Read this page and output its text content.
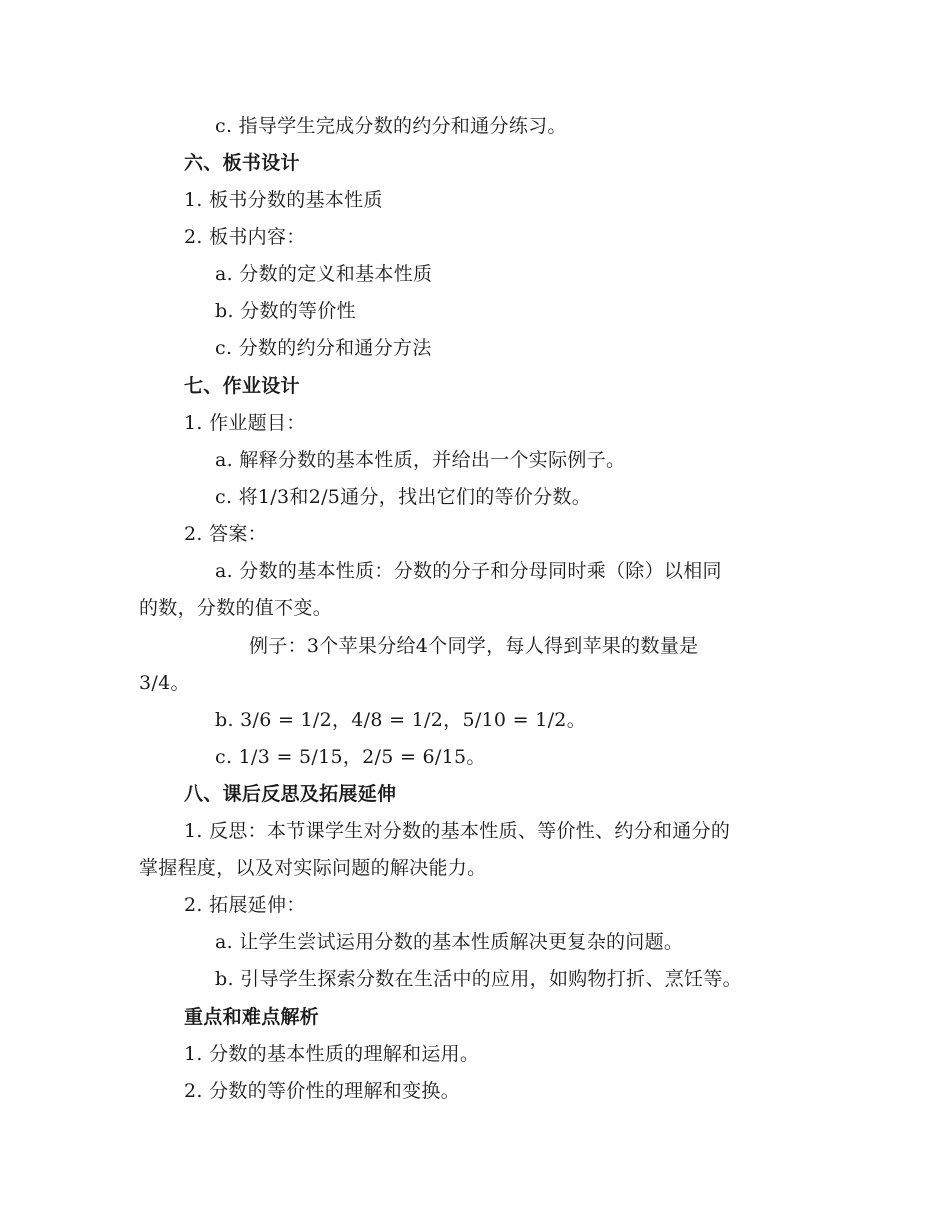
c. 指导学生完成分数的约分和通分练习。
六、板书设计
1. 板书分数的基本性质
2. 板书内容：
a. 分数的定义和基本性质
b. 分数的等价性
c. 分数的约分和通分方法
七、作业设计
1. 作业题目：
a. 解释分数的基本性质，并给出一个实际例子。
c. 将1/3和2/5通分，找出它们的等价分数。
2. 答案：
a. 分数的基本性质：分数的分子和分母同时乘（除）以相同
的数，分数的值不变。
例子：3个苹果分给4个同学，每人得到苹果的数量是
3/4。
b. 3/6 = 1/2，4/8 = 1/2，5/10 = 1/2。
c. 1/3 = 5/15，2/5 = 6/15。
八、课后反思及拓展延伸
1. 反思：本节课学生对分数的基本性质、等价性、约分和通分的
掌握程度，以及对实际问题的解决能力。
2. 拓展延伸：
a. 让学生尝试运用分数的基本性质解决更复杂的问题。
b. 引导学生探索分数在生活中的应用，如购物打折、烹饪等。
重点和难点解析
1. 分数的基本性质的理解和运用。
2. 分数的等价性的理解和变换。
